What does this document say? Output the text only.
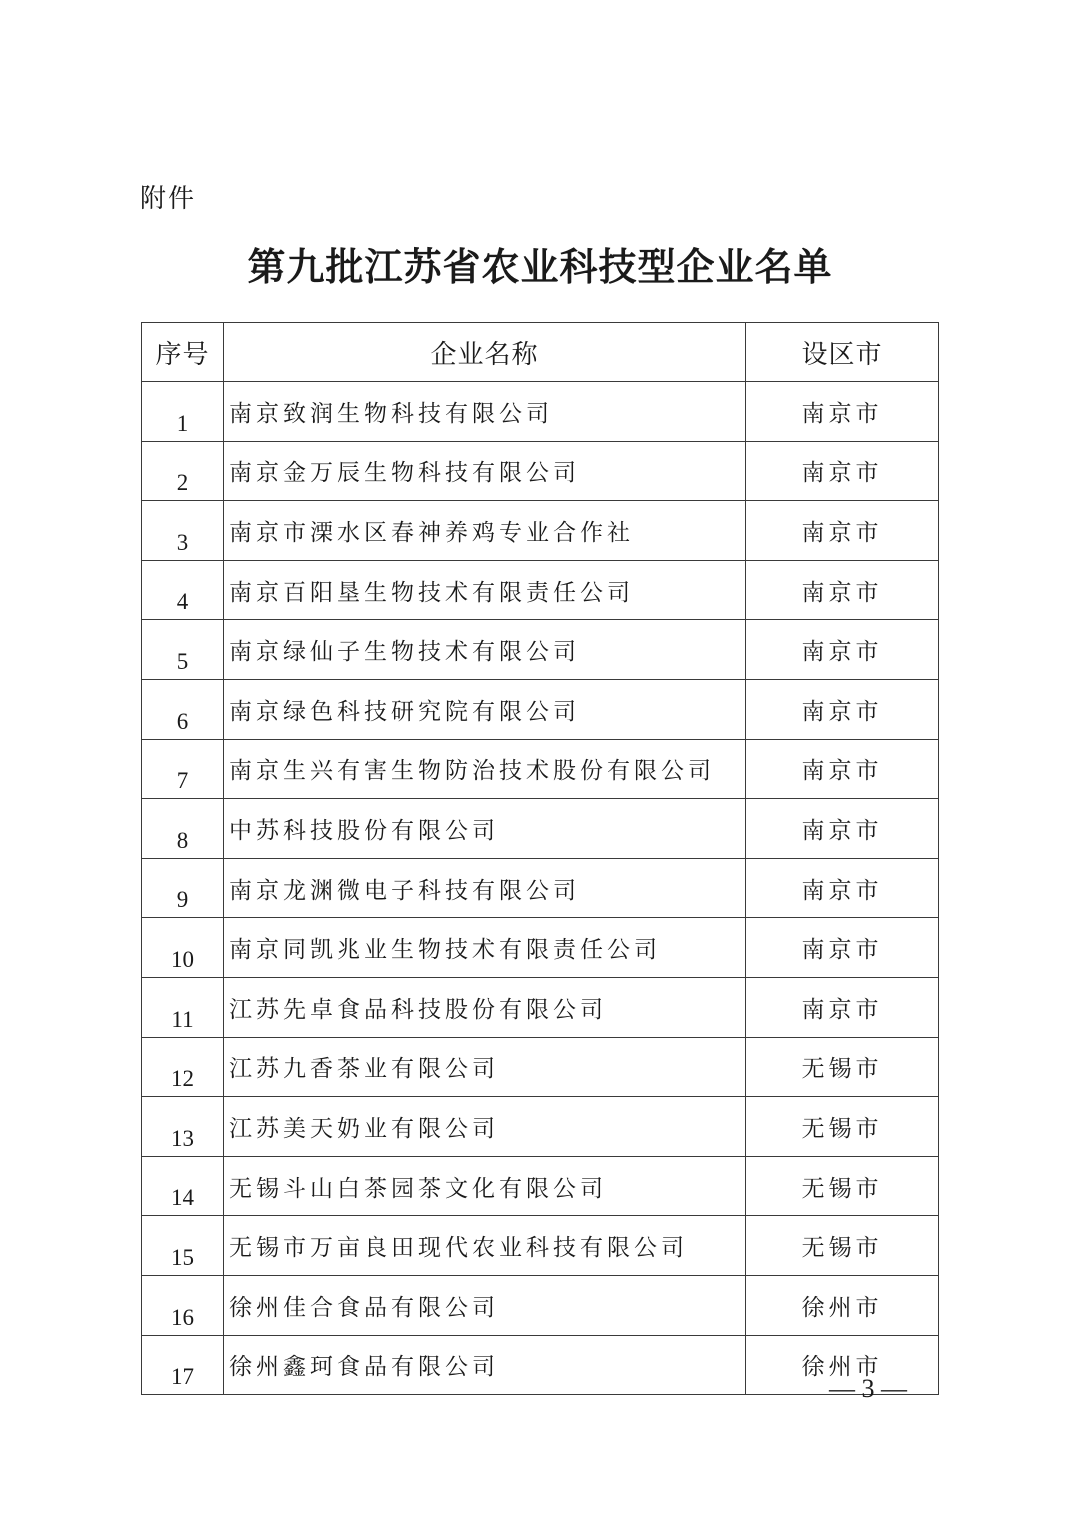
附件
第九批江苏省农业科技型企业名单
序号	企业名称	设区市
1	南京致润生物科技有限公司	南京市
2	南京金万辰生物科技有限公司	南京市
3	南京市溧水区春神养鸡专业合作社	南京市
4	南京百阳垦生物技术有限责任公司	南京市
5	南京绿仙子生物技术有限公司	南京市
6	南京绿色科技研究院有限公司	南京市
7	南京生兴有害生物防治技术股份有限公司	南京市
8	中苏科技股份有限公司	南京市
9	南京龙渊微电子科技有限公司	南京市
10	南京同凯兆业生物技术有限责任公司	南京市
11	江苏先卓食品科技股份有限公司	南京市
12	江苏九香茶业有限公司	无锡市
13	江苏美天奶业有限公司	无锡市
14	无锡斗山白茶园茶文化有限公司	无锡市
15	无锡市万亩良田现代农业科技有限公司	无锡市
16	徐州佳合食品有限公司	徐州市
17	徐州鑫珂食品有限公司	徐州市
— 3 —
